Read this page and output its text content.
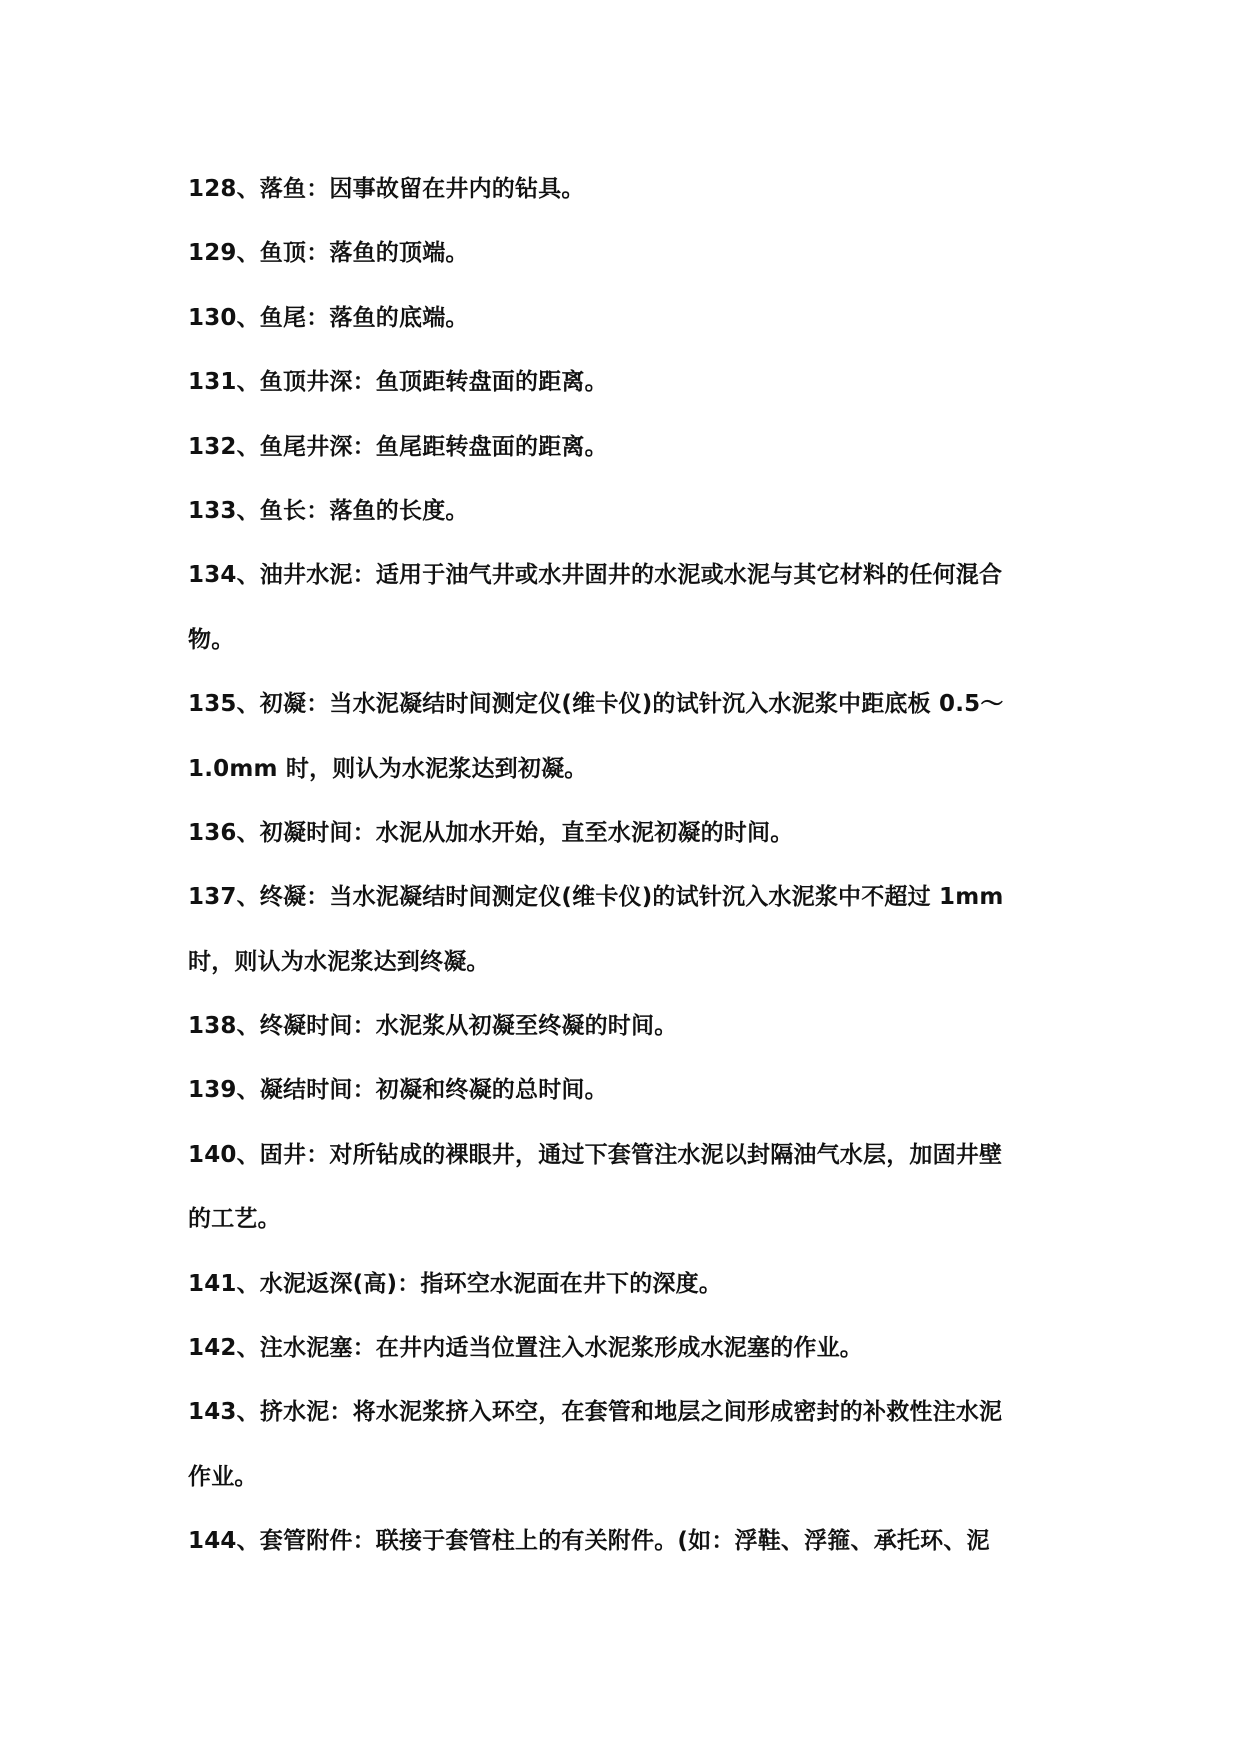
128、落鱼：因事故留在井内的钻具。
129、鱼顶：落鱼的顶端。
130、鱼尾：落鱼的底端。
131、鱼顶井深：鱼顶距转盘面的距离。
132、鱼尾井深：鱼尾距转盘面的距离。
133、鱼长：落鱼的长度。
134、油井水泥：适用于油气井或水井固井的水泥或水泥与其它材料的任何混合
物。
135、初凝：当水泥凝结时间测定仪(维卡仪)的试针沉入水泥浆中距底板 0.5～
1.0mm 时，则认为水泥浆达到初凝。
136、初凝时间：水泥从加水开始，直至水泥初凝的时间。
137、终凝：当水泥凝结时间测定仪(维卡仪)的试针沉入水泥浆中不超过 1mm
时，则认为水泥浆达到终凝。
138、终凝时间：水泥浆从初凝至终凝的时间。
139、凝结时间：初凝和终凝的总时间。
140、固井：对所钻成的裸眼井，通过下套管注水泥以封隔油气水层，加固井壁
的工艺。
141、水泥返深(高)：指环空水泥面在井下的深度。
142、注水泥塞：在井内适当位置注入水泥浆形成水泥塞的作业。
143、挤水泥：将水泥浆挤入环空，在套管和地层之间形成密封的补救性注水泥
作业。
144、套管附件：联接于套管柱上的有关附件。(如：浮鞋、浮箍、承托环、泥
